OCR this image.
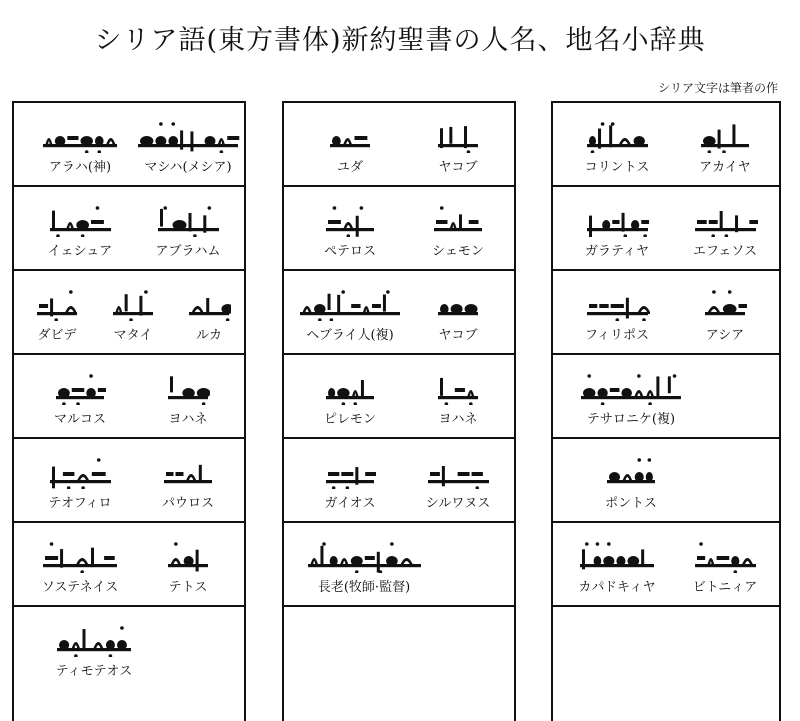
シリア語(東方書体)新約聖書の人名、地名小辞典
シリア文字は筆者の作
アラハ(神)	マシハ(メシア)
イェシュア	アブラハム
ダビデ	マタイ	ルカ
マルコス	ヨハネ
テオフィロ	パウロス
ソステネイス	テトス
ティモテオス
ユダ	ヤコブ
ペテロス	シェモン
ヘブライ人(複)	ヤコブ
ピレモン	ヨハネ
ガイオス	シルワヌス
長老(牧師·監督)
コリントス	アカイヤ
ガラティヤ	エフェソス
フィリポス	アシア
テサロニケ(複)
ポントス
カパドキィヤ	ビトニィア
